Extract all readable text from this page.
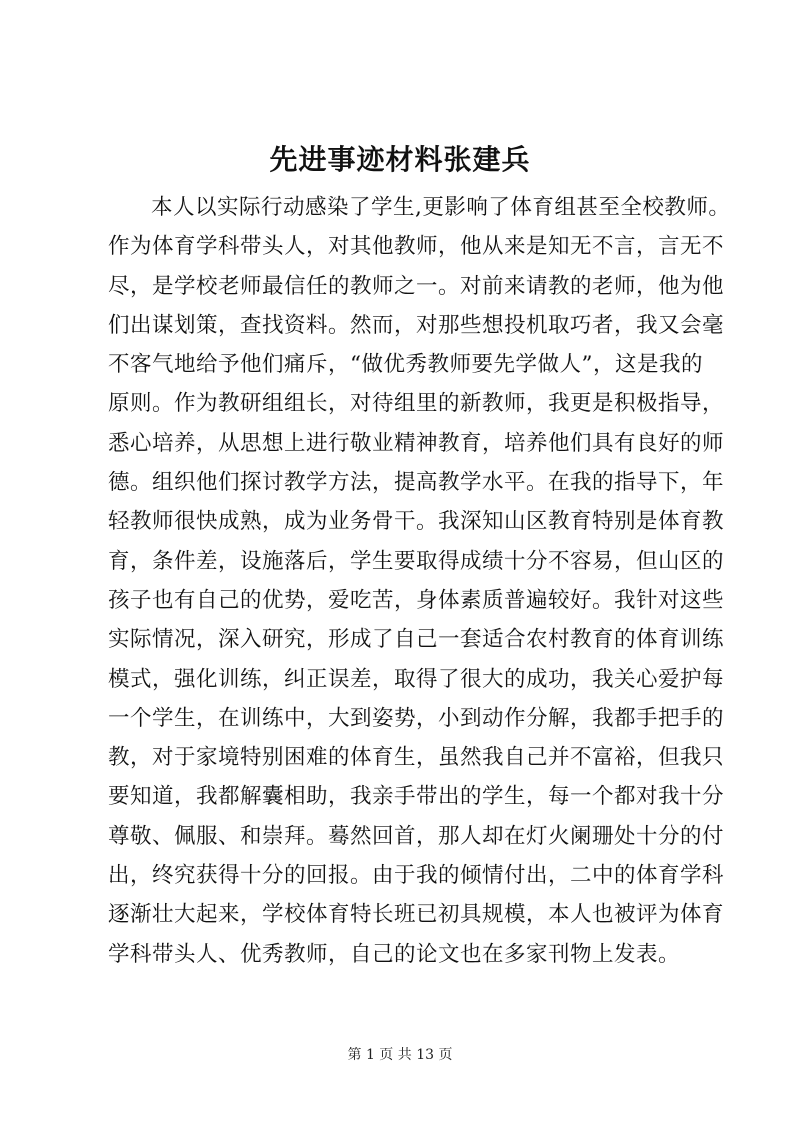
先进事迹材料张建兵
本人以实际行动感染了学生,更影响了体育组甚至全校教师。
作为体育学科带头人，对其他教师，他从来是知无不言，言无不
尽，是学校老师最信任的教师之一。对前来请教的老师，他为他
们出谋划策，查找资料。然而，对那些想投机取巧者，我又会毫
不客气地给予他们痛斥，“做优秀教师要先学做人”，这是我的
原则。作为教研组组长，对待组里的新教师，我更是积极指导，
悉心培养，从思想上进行敬业精神教育，培养他们具有良好的师
德。组织他们探讨教学方法，提高教学水平。在我的指导下，年
轻教师很快成熟，成为业务骨干。我深知山区教育特别是体育教
育，条件差，设施落后，学生要取得成绩十分不容易，但山区的
孩子也有自己的优势，爱吃苦，身体素质普遍较好。我针对这些
实际情况，深入研究，形成了自己一套适合农村教育的体育训练
模式，强化训练，纠正误差，取得了很大的成功，我关心爱护每
一个学生，在训练中，大到姿势，小到动作分解，我都手把手的
教，对于家境特别困难的体育生，虽然我自己并不富裕，但我只
要知道，我都解囊相助，我亲手带出的学生，每一个都对我十分
尊敬、佩服、和崇拜。蓦然回首，那人却在灯火阑珊处十分的付
出，终究获得十分的回报。由于我的倾情付出，二中的体育学科
逐渐壮大起来，学校体育特长班已初具规模，本人也被评为体育
学科带头人、优秀教师，自己的论文也在多家刊物上发表。
第 1 页 共 13 页
